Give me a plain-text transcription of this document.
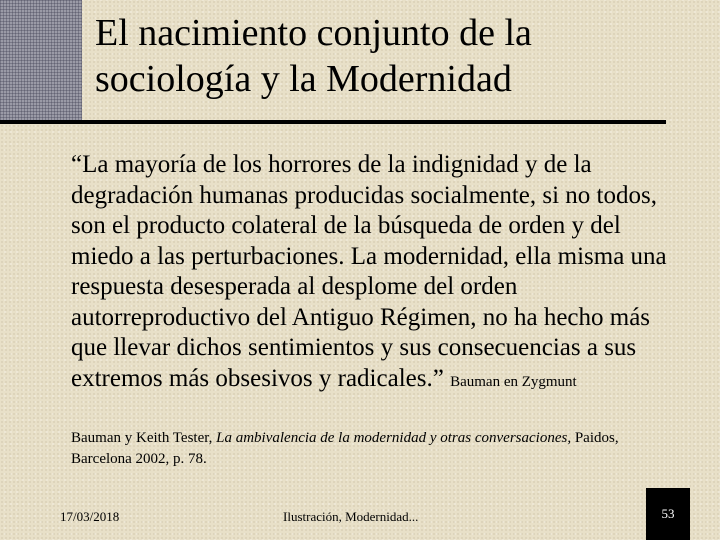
El nacimiento conjunto de la
sociología y la Modernidad
“La mayoría de los horrores de la indignidad y de la degradación humanas producidas socialmente, si no todos, son el producto colateral de la búsqueda de orden y del miedo a las perturbaciones. La modernidad, ella misma una respuesta desesperada al desplome del orden autorreproductivo del Antiguo Régimen, no ha hecho más que llevar dichos sentimientos y sus consecuencias a sus extremos más obsesivos y radicales.” Bauman en Zygmunt
Bauman y Keith Tester, La ambivalencia de la modernidad y otras conversaciones, Paidos, Barcelona 2002, p. 78.
17/03/2018	Ilustración, Modernidad...	53
